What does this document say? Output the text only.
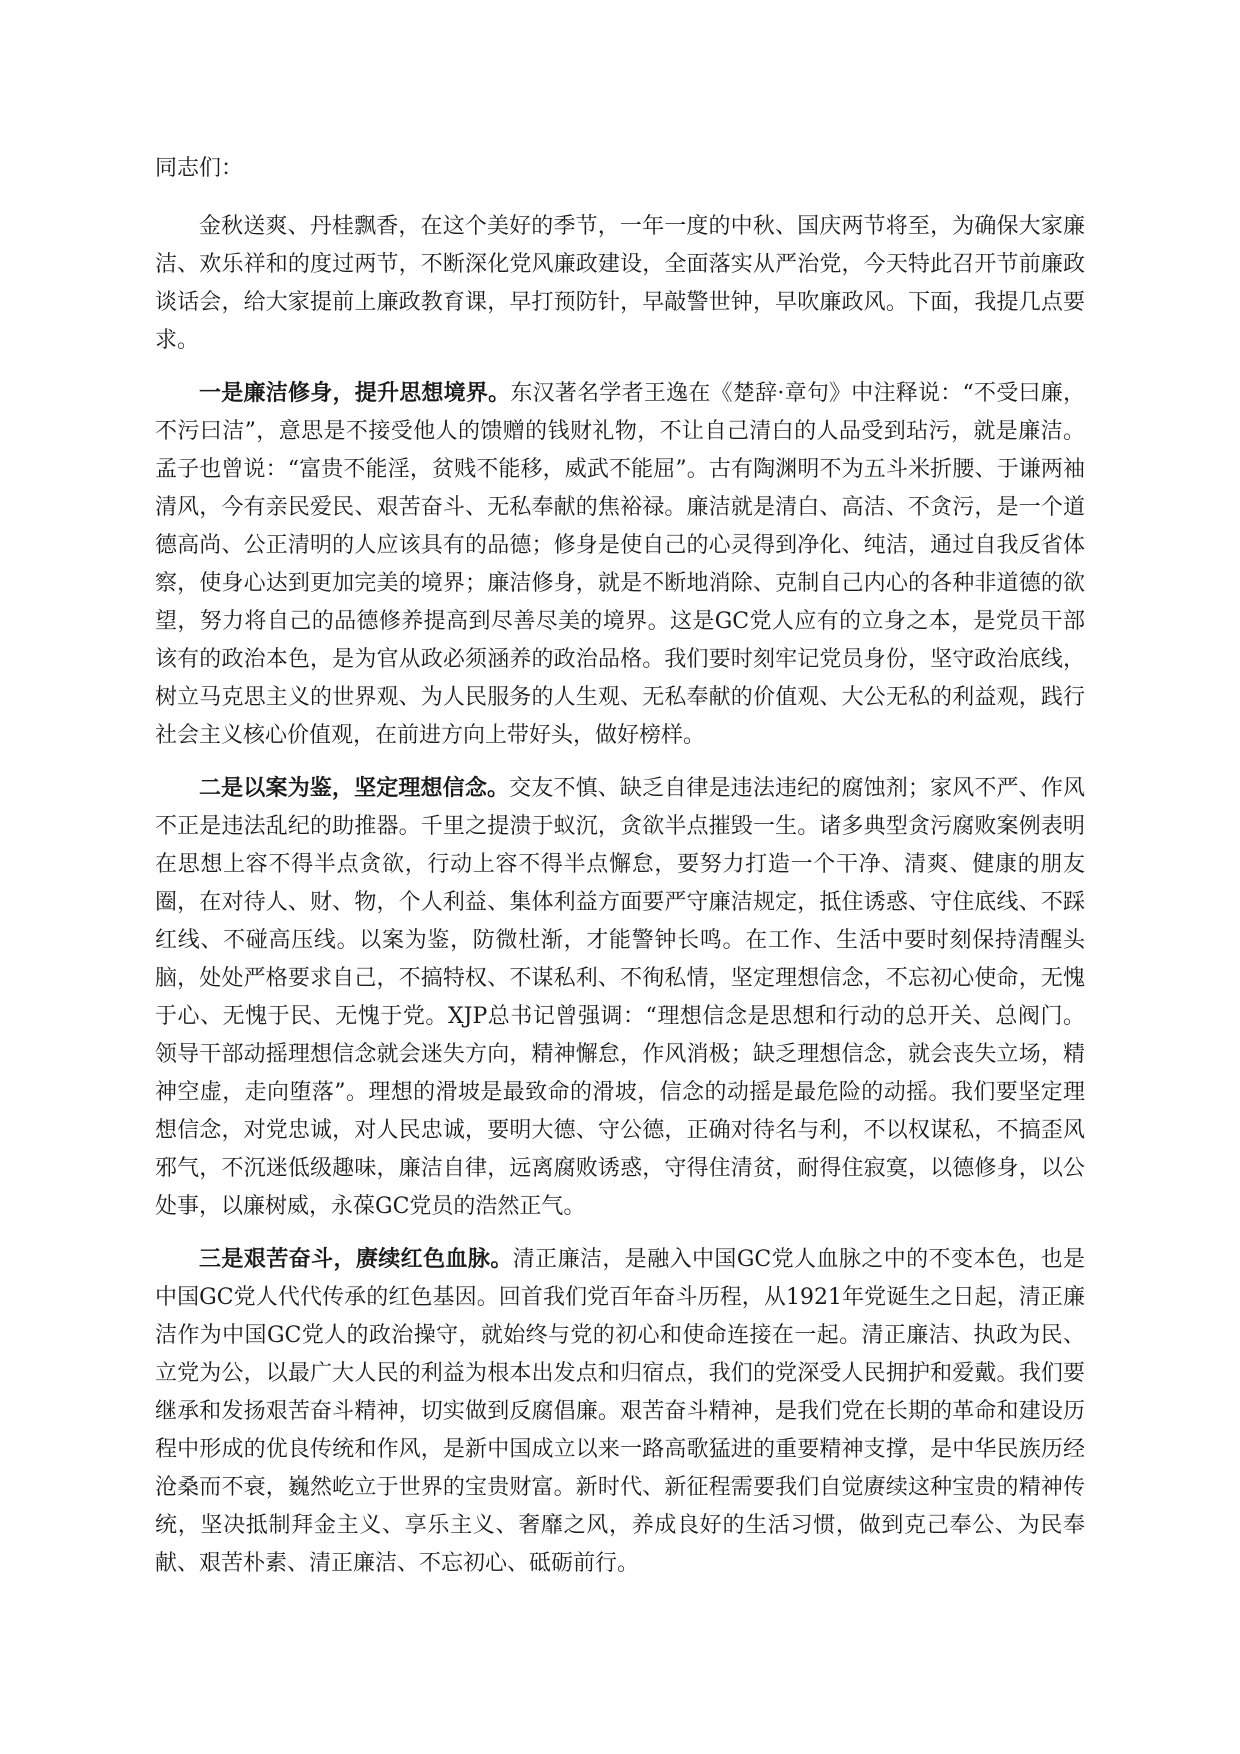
同志们：

金秋送爽、丹桂飘香，在这个美好的季节，一年一度的中秋、国庆两节将至，为确保大家廉洁、欢乐祥和的度过两节，不断深化党风廉政建设，全面落实从严治党，今天特此召开节前廉政谈话会，给大家提前上廉政教育课，早打预防针，早敲警世钟，早吹廉政风。下面，我提几点要求。

一是廉洁修身，提升思想境界。东汉著名学者王逸在《楚辞·章句》中注释说：“不受曰廉，不污曰洁”，意思是不接受他人的馈赠的钱财礼物，不让自己清白的人品受到玷污，就是廉洁。孟子也曾说：“富贵不能淫，贫贱不能移，威武不能屈”。古有陶渊明不为五斗米折腰、于谦两袖清风，今有亲民爱民、艰苦奋斗、无私奉献的焦裕禄。廉洁就是清白、高洁、不贪污，是一个道德高尚、公正清明的人应该具有的品德；修身是使自己的心灵得到净化、纯洁，通过自我反省体察，使身心达到更加完美的境界；廉洁修身，就是不断地消除、克制自己内心的各种非道德的欲望，努力将自己的品德修养提高到尽善尽美的境界。这是GC党人应有的立身之本，是党员干部该有的政治本色，是为官从政必须涵养的政治品格。我们要时刻牢记党员身份，坚守政治底线，树立马克思主义的世界观、为人民服务的人生观、无私奉献的价值观、大公无私的利益观，践行社会主义核心价值观，在前进方向上带好头，做好榜样。

二是以案为鉴，坚定理想信念。交友不慎、缺乏自律是违法违纪的腐蚀剂；家风不严、作风不正是违法乱纪的助推器。千里之提溃于蚁沉，贪欲半点摧毁一生。诸多典型贪污腐败案例表明在思想上容不得半点贪欲，行动上容不得半点懈怠，要努力打造一个干净、清爽、健康的朋友圈，在对待人、财、物，个人利益、集体利益方面要严守廉洁规定，抵住诱惑、守住底线、不踩红线、不碰高压线。以案为鉴，防微杜渐，才能警钟长鸣。在工作、生活中要时刻保持清醒头脑，处处严格要求自己，不搞特权、不谋私利、不徇私情，坚定理想信念，不忘初心使命，无愧于心、无愧于民、无愧于党。XJP总书记曾强调：“理想信念是思想和行动的总开关、总阀门。领导干部动摇理想信念就会迷失方向，精神懈怠，作风消极；缺乏理想信念，就会丧失立场，精神空虚，走向堕落”。理想的滑坡是最致命的滑坡，信念的动摇是最危险的动摇。我们要坚定理想信念，对党忠诚，对人民忠诚，要明大德、守公德，正确对待名与利，不以权谋私，不搞歪风邪气，不沉迷低级趣味，廉洁自律，远离腐败诱惑，守得住清贫，耐得住寂寞，以德修身，以公处事，以廉树威，永葆GC党员的浩然正气。

三是艰苦奋斗，赓续红色血脉。清正廉洁，是融入中国GC党人血脉之中的不变本色，也是中国GC党人代代传承的红色基因。回首我们党百年奋斗历程，从1921年党诞生之日起，清正廉洁作为中国GC党人的政治操守，就始终与党的初心和使命连接在一起。清正廉洁、执政为民、立党为公，以最广大人民的利益为根本出发点和归宿点，我们的党深受人民拥护和爱戴。我们要继承和发扬艰苦奋斗精神，切实做到反腐倡廉。艰苦奋斗精神，是我们党在长期的革命和建设历程中形成的优良传统和作风，是新中国成立以来一路高歌猛进的重要精神支撑，是中华民族历经沧桑而不衰，巍然屹立于世界的宝贵财富。新时代、新征程需要我们自觉赓续这种宝贵的精神传统，坚决抵制拜金主义、享乐主义、奢靡之风，养成良好的生活习惯，做到克己奉公、为民奉献、艰苦朴素、清正廉洁、不忘初心、砥砺前行。
